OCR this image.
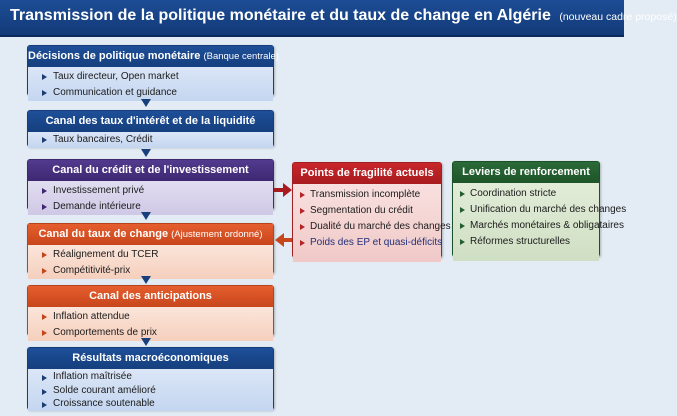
Transmission de la politique monétaire et du taux de change en Algérie (nouveau cadre proposé)
Décisions de politique monétaire (Banque centrale)
Taux directeur, Open market
Communication et guidance
Canal des taux d'intérêt et de la liquidité
Taux bancaires, Crédit
Canal du crédit et de l'investissement
Investissement privé
Demande intérieure
Canal du taux de change (Ajustement ordonné)
Réalignement du TCER
Compétitivité-prix
Canal des anticipations
Inflation attendue
Comportements de prix
Résultats macroéconomiques
Inflation maîtrisée
Solde courant amélioré
Croissance soutenable
Points de fragilité actuels
Transmission incomplète
Segmentation du crédit
Dualité du marché des changes
Poids des EP et quasi-déficits
Leviers de renforcement
Coordination stricte
Unification du marché des changes
Marchés monétaires & obligataires
Réformes structurelles
